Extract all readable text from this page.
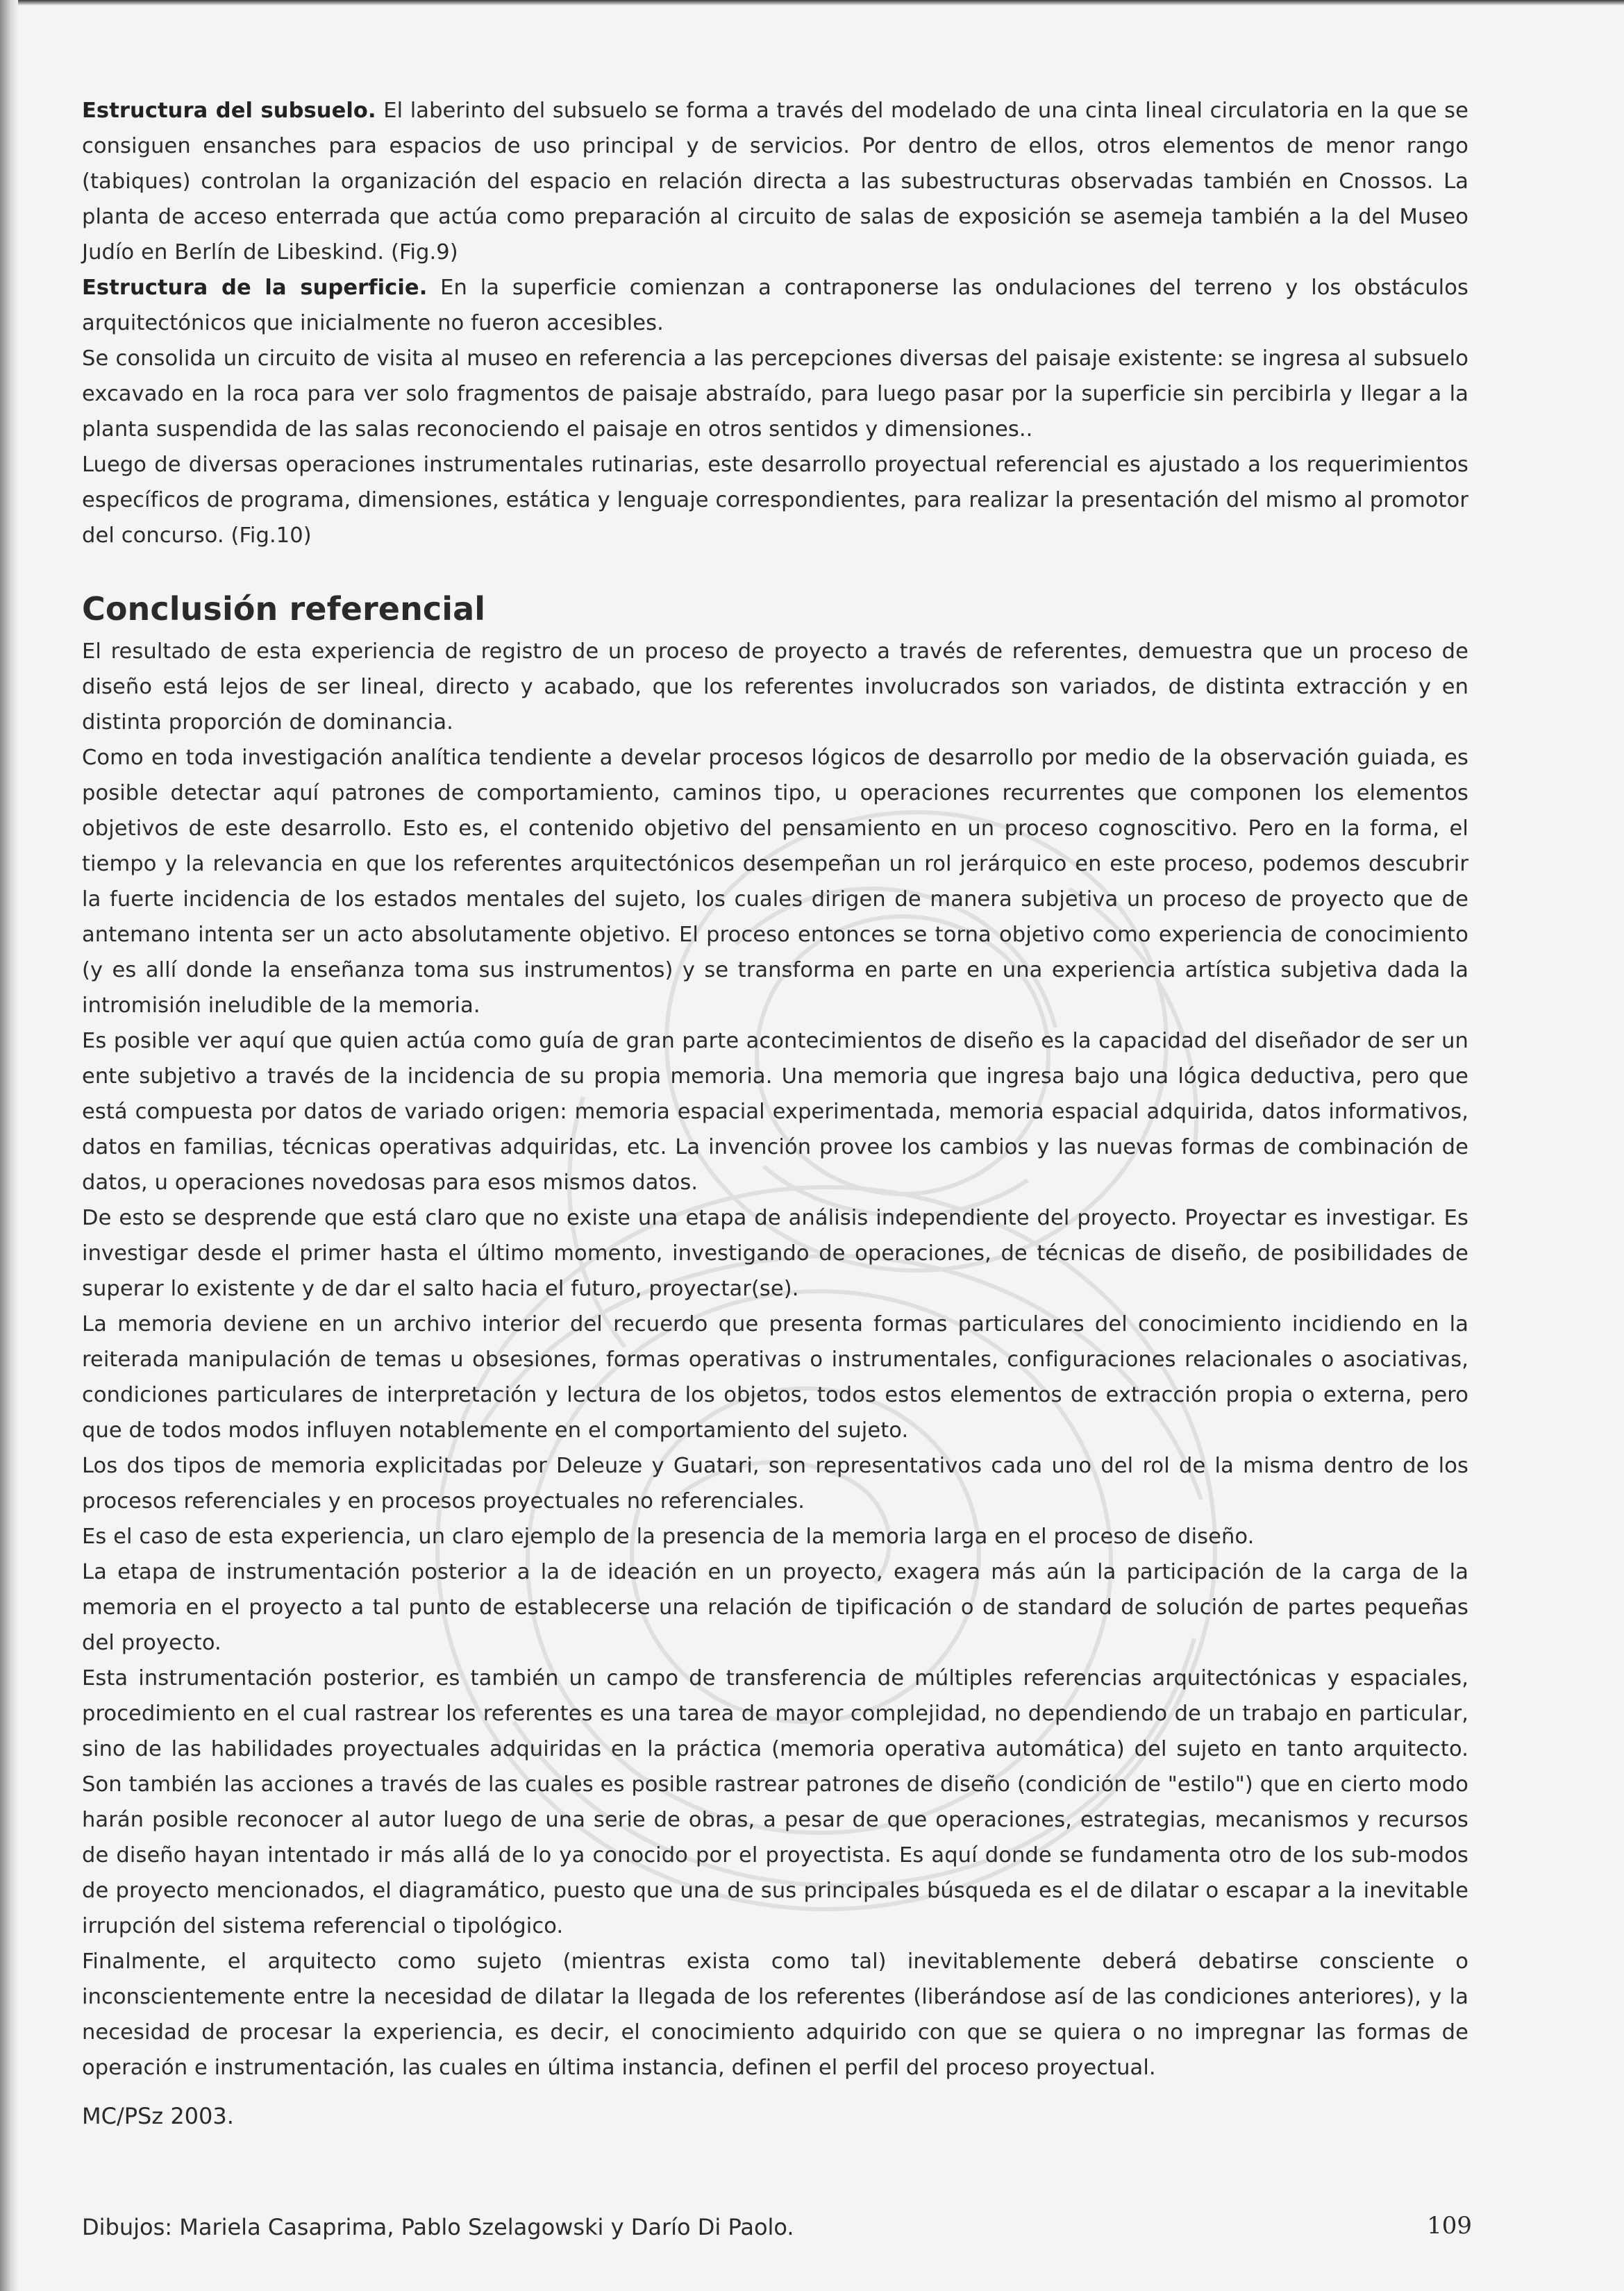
Estructura del subsuelo. El laberinto del subsuelo se forma a través del modelado de una cinta lineal circulatoria en la que se consiguen ensanches para espacios de uso principal y de servicios. Por dentro de ellos, otros elementos de menor rango (tabiques) controlan la organización del espacio en relación directa a las subestructuras observadas también en Cnossos. La planta de acceso enterrada que actúa como preparación al circuito de salas de exposición se asemeja también a la del Museo Judío en Berlín de Libeskind. (Fig.9)

Estructura de la superficie. En la superficie comienzan a contraponerse las ondulaciones del terreno y los obstáculos arquitectónicos que inicialmente no fueron accesibles.

Se consolida un circuito de visita al museo en referencia a las percepciones diversas del paisaje existente: se ingresa al subsuelo excavado en la roca para ver solo fragmentos de paisaje abstraído, para luego pasar por la superficie sin percibirla y llegar a la planta suspendida de las salas reconociendo el paisaje en otros sentidos y dimensiones..

Luego de diversas operaciones instrumentales rutinarias, este desarrollo proyectual referencial es ajustado a los requerimientos específicos de programa, dimensiones, estática y lenguaje correspondientes, para realizar la presentación del mismo al promotor del concurso. (Fig.10)

Conclusión referencial

El resultado de esta experiencia de registro de un proceso de proyecto a través de referentes, demuestra que un proceso de diseño está lejos de ser lineal, directo y acabado, que los referentes involucrados son variados, de distinta extracción y en distinta proporción de dominancia.

Como en toda investigación analítica tendiente a develar procesos lógicos de desarrollo por medio de la observación guiada, es posible detectar aquí patrones de comportamiento, caminos tipo, u operaciones recurrentes que componen los elementos objetivos de este desarrollo. Esto es, el contenido objetivo del pensamiento en un proceso cognoscitivo. Pero en la forma, el tiempo y la relevancia en que los referentes arquitectónicos desempeñan un rol jerárquico en este proceso, podemos descubrir la fuerte incidencia de los estados mentales del sujeto, los cuales dirigen de manera subjetiva un proceso de proyecto que de antemano intenta ser un acto absolutamente objetivo. El proceso entonces se torna objetivo como experiencia de conocimiento (y es allí donde la enseñanza toma sus instrumentos) y se transforma en parte en una experiencia artística subjetiva dada la intromisión ineludible de la memoria.

Es posible ver aquí que quien actúa como guía de gran parte acontecimientos de diseño es la capacidad del diseñador de ser un ente subjetivo a través de la incidencia de su propia memoria. Una memoria que ingresa bajo una lógica deductiva, pero que está compuesta por datos de variado origen: memoria espacial experimentada, memoria espacial adquirida, datos informativos, datos en familias, técnicas operativas adquiridas, etc. La invención provee los cambios y las nuevas formas de combinación de datos, u operaciones novedosas para esos mismos datos.

De esto se desprende que está claro que no existe una etapa de análisis independiente del proyecto. Proyectar es investigar. Es investigar desde el primer hasta el último momento, investigando de operaciones, de técnicas de diseño, de posibilidades de superar lo existente y de dar el salto hacia el futuro, proyectar(se).

La memoria deviene en un archivo interior del recuerdo que presenta formas particulares del conocimiento incidiendo en la reiterada manipulación de temas u obsesiones, formas operativas o instrumentales, configuraciones relacionales o asociativas, condiciones particulares de interpretación y lectura de los objetos, todos estos elementos de extracción propia o externa, pero que de todos modos influyen notablemente en el comportamiento del sujeto.

Los dos tipos de memoria explicitadas por Deleuze y Guatari, son representativos cada uno del rol de la misma dentro de los procesos referenciales y en procesos proyectuales no referenciales.

Es el caso de esta experiencia, un claro ejemplo de la presencia de la memoria larga en el proceso de diseño.

La etapa de instrumentación posterior a la de ideación en un proyecto, exagera más aún la participación de la carga de la memoria en el proyecto a tal punto de establecerse una relación de tipificación o de standard de solución de partes pequeñas del proyecto.

Esta instrumentación posterior, es también un campo de transferencia de múltiples referencias arquitectónicas y espaciales, procedimiento en el cual rastrear los referentes es una tarea de mayor complejidad, no dependiendo de un trabajo en particular, sino de las habilidades proyectuales adquiridas en la práctica (memoria operativa automática) del sujeto en tanto arquitecto. Son también las acciones a través de las cuales es posible rastrear patrones de diseño (condición de "estilo") que en cierto modo harán posible reconocer al autor luego de una serie de obras, a pesar de que operaciones, estrategias, mecanismos y recursos de diseño hayan intentado ir más allá de lo ya conocido por el proyectista. Es aquí donde se fundamenta otro de los sub-modos de proyecto mencionados, el diagramático, puesto que una de sus principales búsqueda es el de dilatar o escapar a la inevitable irrupción del sistema referencial o tipológico.

Finalmente, el arquitecto como sujeto (mientras exista como tal) inevitablemente deberá debatirse consciente o inconscientemente entre la necesidad de dilatar la llegada de los referentes (liberándose así de las condiciones anteriores), y la necesidad de procesar la experiencia, es decir, el conocimiento adquirido con que se quiera o no impregnar las formas de operación e instrumentación, las cuales en última instancia, definen el perfil del proceso proyectual.

MC/PSz 2003.
Dibujos: Mariela Casaprima, Pablo Szelagowski y Darío Di Paolo.	109
